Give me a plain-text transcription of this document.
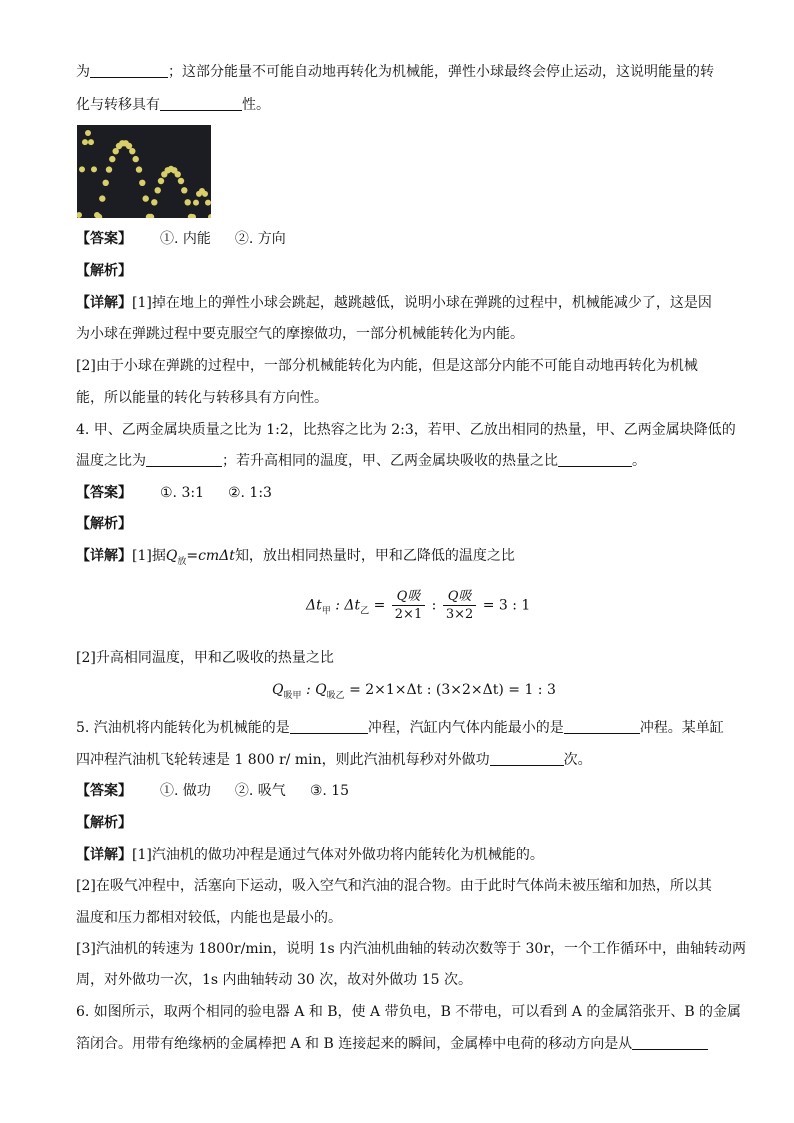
为	；这部分能量不可能自动地再转化为机械能，弹性小球最终会停止运动，这说明能量的转
化与转移具有	性。
【答案】 ①. 内能 ②. 方向
【解析】
【详解】[1]掉在地上的弹性小球会跳起，越跳越低，说明小球在弹跳的过程中，机械能减少了，这是因
为小球在弹跳过程中要克服空气的摩擦做功，一部分机械能转化为内能。
[2]由于小球在弹跳的过程中，一部分机械能转化为内能，但是这部分内能不可能自动地再转化为机械
能，所以能量的转化与转移具有方向性。
4. 甲、乙两金属块质量之比为 1:2，比热容之比为 2:3，若甲、乙放出相同的热量，甲、乙两金属块降低的
温度之比为	；若升高相同的温度，甲、乙两金属块吸收的热量之比	。
【答案】 ①. 3:1 ②. 1:3
【解析】
【详解】[1]据$Q_放=cm\Delta t$知，放出相同热量时，甲和乙降低的温度之比
$\Delta t_甲$ : $\Delta t_乙 = \frac{\text{Q吸}}{2\times 1}$ : $\frac{\text{Q吸}}{3\times 2} = 3$ : 1
[2]升高相同温度，甲和乙吸收的热量之比
$Q_{吸甲}$ : $Q_{吸乙} = 2\times 1\times\Delta t$ : (3×2×Δt) = 1 : 3
5. 汽油机将内能转化为机械能的是	冲程，汽缸内气体内能最小的是	冲程。某单缸
四冲程汽油机飞轮转速是 1 800 r/ min，则此汽油机每秒对外做功	次。
【答案】 ①. 做功 ②. 吸气 ③. 15
【解析】
【详解】[1]汽油机的做功冲程是通过气体对外做功将内能转化为机械能的。
[2]在吸气冲程中，活塞向下运动，吸入空气和汽油的混合物。由于此时气体尚未被压缩和加热，所以其
温度和压力都相对较低，内能也是最小的。
[3]汽油机的转速为 1800r/min，说明 1s 内汽油机曲轴的转动次数等于 30r，一个工作循环中，曲轴转动两
周，对外做功一次，1s 内曲轴转动 30 次，故对外做功 15 次。
6. 如图所示，取两个相同的验电器 A 和 B，使 A 带负电，B 不带电，可以看到 A 的金属箔张开、B 的金属
箔闭合。用带有绝缘柄的金属棒把 A 和 B 连接起来的瞬间，金属棒中电荷的移动方向是从
